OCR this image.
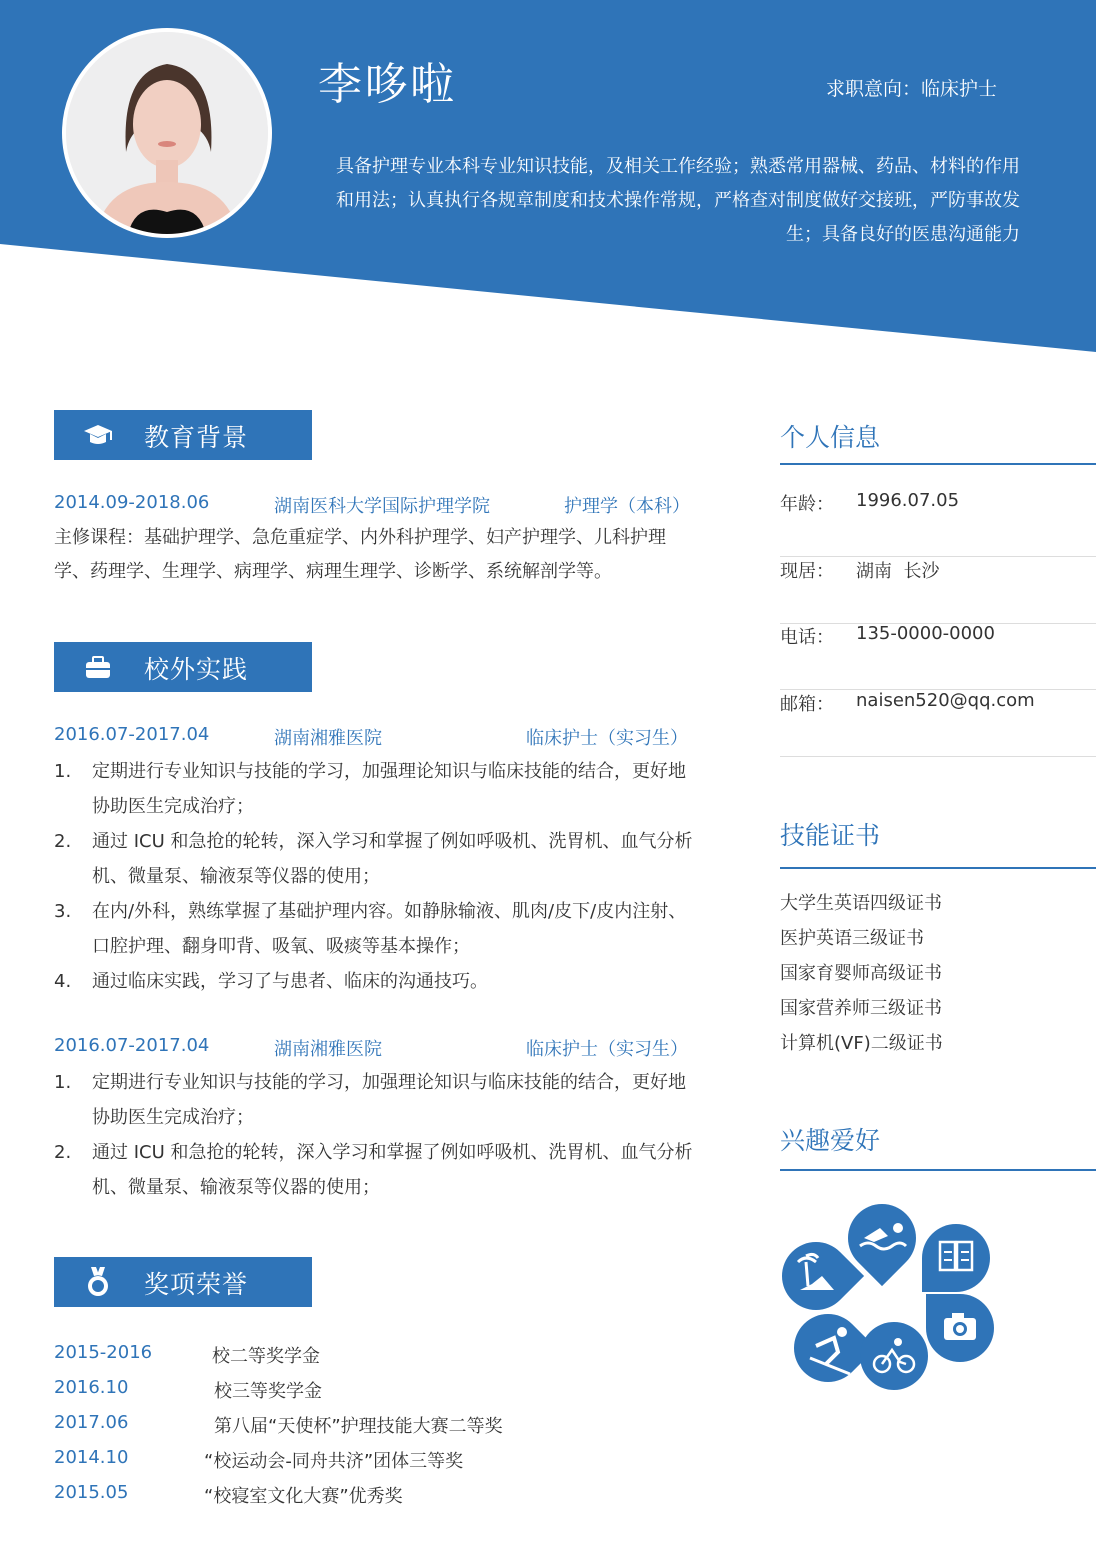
李哆啦	求职意向：临床护士
具备护理专业本科专业知识技能，及相关工作经验；熟悉常用器械、药品、材料的作用和用法；认真执行各规章制度和技术操作常规，严格查对制度做好交接班，严防事故发生；具备良好的医患沟通能力
教育背景
2014.09-2018.06	湖南医科大学国际护理学院	护理学（本科）
主修课程：基础护理学、急危重症学、内外科护理学、妇产护理学、儿科护理学、药理学、生理学、病理学、病理生理学、诊断学、系统解剖学等。
校外实践
2016.07-2017.04	湖南湘雅医院	临床护士（实习生）
1. 定期进行专业知识与技能的学习，加强理论知识与临床技能的结合，更好地协助医生完成治疗；
2. 通过 ICU 和急抢的轮转，深入学习和掌握了例如呼吸机、洗胃机、血气分析机、微量泵、输液泵等仪器的使用；
3. 在内/外科，熟练掌握了基础护理内容。如静脉输液、肌肉/皮下/皮内注射、口腔护理、翻身叩背、吸氧、吸痰等基本操作；
4. 通过临床实践，学习了与患者、临床的沟通技巧。
2016.07-2017.04	湖南湘雅医院	临床护士（实习生）
1. 定期进行专业知识与技能的学习，加强理论知识与临床技能的结合，更好地协助医生完成治疗；
2. 通过 ICU 和急抢的轮转，深入学习和掌握了例如呼吸机、洗胃机、血气分析机、微量泵、输液泵等仪器的使用；
奖项荣誉
2015-2016	校二等奖学金
2016.10	校三等奖学金
2017.06	第八届“天使杯”护理技能大赛二等奖
2014.10	“校运动会-同舟共济”团体三等奖
2015.05	“校寝室文化大赛”优秀奖
个人信息
年龄： 1996.07.05
现居： 湖南  长沙
电话： 135-0000-0000
邮箱： naisen520@qq.com
技能证书
大学生英语四级证书
医护英语三级证书
国家育婴师高级证书
国家营养师三级证书
计算机(VF)二级证书
兴趣爱好
